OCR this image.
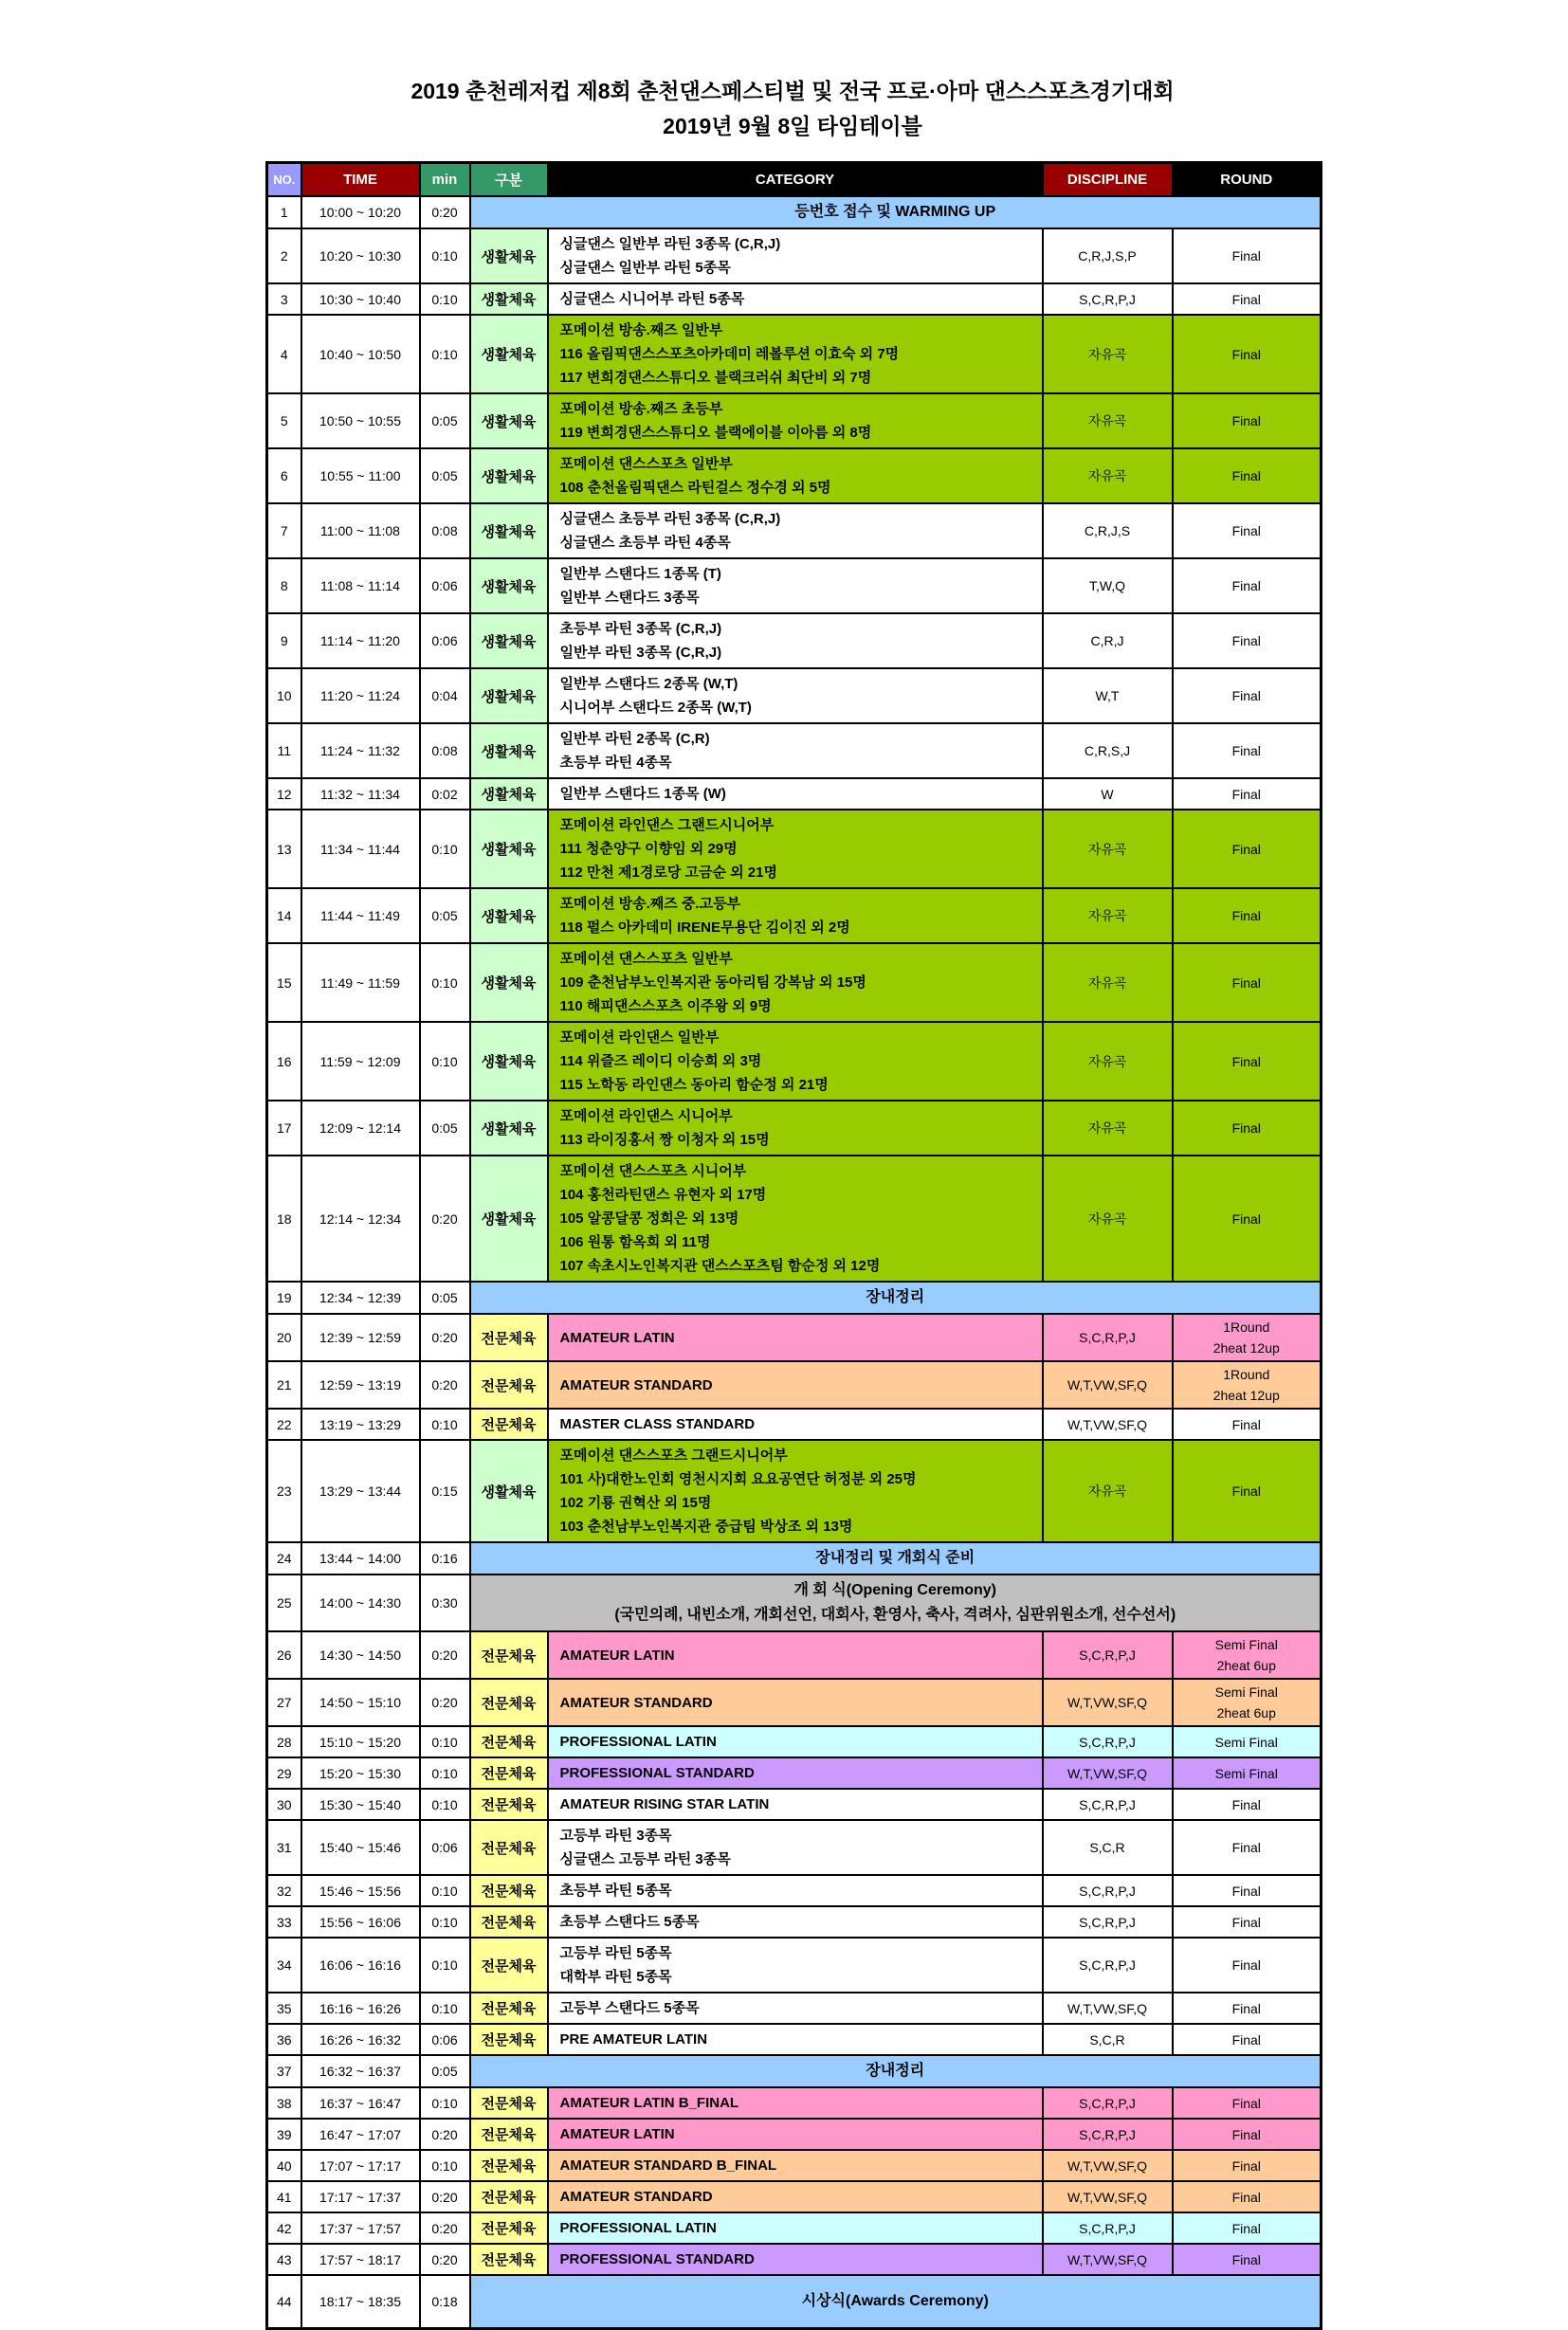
2019 춘천레저컵 제8회 춘천댄스페스티벌 및 전국 프로·아마 댄스스포츠경기대회
2019년 9월 8일 타임테이블
NO.	TIME	min	구분	CATEGORY	DISCIPLINE	ROUND
1	10:00 ~ 10:20	0:20	등번호 접수 및 WARMING UP			

2	10:20 ~ 10:30	0:10	생활체육	싱글댄스 일반부 라틴 3종목 (C,R,J)
싱글댄스 일반부 라틴 5종목	C,R,J,S,P	Final

3	10:30 ~ 10:40	0:10	생활체육	싱글댄스 시니어부 라틴 5종목	S,C,R,P,J	Final

4	10:40 ~ 10:50	0:10	생활체육	포메이션 방송.째즈 일반부
116 올림픽댄스스포츠아카데미 레볼루션 이효숙 외 7명
117 변희경댄스스튜디오 블랙크러쉬 최단비 외 7명	자유곡	Final

5	10:50 ~ 10:55	0:05	생활체육	포메이션 방송.째즈 초등부
119 변희경댄스스튜디오 블랙에이블 이아름 외 8명	자유곡	Final

6	10:55 ~ 11:00	0:05	생활체육	포메이션 댄스스포츠 일반부
108 춘천올림픽댄스 라틴걸스 정수경 외 5명	자유곡	Final

7	11:00 ~ 11:08	0:08	생활체육	싱글댄스 초등부 라틴 3종목 (C,R,J)
싱글댄스 초등부 라틴 4종목	C,R,J,S	Final

8	11:08 ~ 11:14	0:06	생활체육	일반부 스탠다드 1종목 (T)
일반부 스탠다드 3종목	T,W,Q	Final

9	11:14 ~ 11:20	0:06	생활체육	초등부 라틴 3종목 (C,R,J)
일반부 라틴 3종목 (C,R,J)	C,R,J	Final

10	11:20 ~ 11:24	0:04	생활체육	일반부 스탠다드 2종목 (W,T)
시니어부 스탠다드 2종목 (W,T)	W,T	Final

11	11:24 ~ 11:32	0:08	생활체육	일반부 라틴 2종목 (C,R)
초등부 라틴 4종목	C,R,S,J	Final

12	11:32 ~ 11:34	0:02	생활체육	일반부 스탠다드 1종목 (W)	W	Final

13	11:34 ~ 11:44	0:10	생활체육	포메이션 라인댄스 그랜드시니어부
111 청춘양구 이향임 외 29명
112 만천 제1경로당 고금순 외 21명	자유곡	Final

14	11:44 ~ 11:49	0:05	생활체육	포메이션 방송.째즈 중.고등부
118 펄스 아카데미 IRENE무용단 김이진 외 2명	자유곡	Final

15	11:49 ~ 11:59	0:10	생활체육	포메이션 댄스스포츠 일반부
109 춘천남부노인복지관 동아리팀 강복남 외 15명
110 해피댄스스포츠 이주왕 외 9명	자유곡	Final

16	11:59 ~ 12:09	0:10	생활체육	포메이션 라인댄스 일반부
114 위즐즈 레이디 이승희 외 3명
115 노학동 라인댄스 동아리 함순정 외 21명	자유곡	Final

17	12:09 ~ 12:14	0:05	생활체육	포메이션 라인댄스 시니어부
113 라이징홍서 짱 이청자 외 15명	자유곡	Final

18	12:14 ~ 12:34	0:20	생활체육	포메이션 댄스스포츠 시니어부
104 홍천라틴댄스 유현자 외 17명
105 알콩달콩 정희은 외 13명
106 원통 함옥희 외 11명
107 속초시노인복지관 댄스스포츠팀 함순정 외 12명	자유곡	Final

19	12:34 ~ 12:39	0:05	장내정리			

20	12:39 ~ 12:59	0:20	전문체육	AMATEUR LATIN	S,C,R,P,J	1Round
2heat 12up

21	12:59 ~ 13:19	0:20	전문체육	AMATEUR STANDARD	W,T,VW,SF,Q	1Round
2heat 12up

22	13:19 ~ 13:29	0:10	전문체육	MASTER CLASS STANDARD	W,T,VW,SF,Q	Final

23	13:29 ~ 13:44	0:15	생활체육	포메이션 댄스스포츠 그랜드시니어부
101 사)대한노인회 영천시지회 요요공연단 허정분 외 25명
102 기룡 권혁산 외 15명
103 춘천남부노인복지관 중급팀 박상조 외 13명	자유곡	Final

24	13:44 ~ 14:00	0:16	장내정리 및 개회식 준비			

25	14:00 ~ 14:30	0:30	개 회 식(Opening Ceremony)
(국민의례, 내빈소개, 개회선언, 대회사, 환영사, 축사, 격려사, 심판위원소개, 선수선서)			

26	14:30 ~ 14:50	0:20	전문체육	AMATEUR LATIN	S,C,R,P,J	Semi Final
2heat 6up

27	14:50 ~ 15:10	0:20	전문체육	AMATEUR STANDARD	W,T,VW,SF,Q	Semi Final
2heat 6up

28	15:10 ~ 15:20	0:10	전문체육	PROFESSIONAL LATIN	S,C,R,P,J	Semi Final

29	15:20 ~ 15:30	0:10	전문체육	PROFESSIONAL STANDARD	W,T,VW,SF,Q	Semi Final

30	15:30 ~ 15:40	0:10	전문체육	AMATEUR RISING STAR LATIN	S,C,R,P,J	Final

31	15:40 ~ 15:46	0:06	전문체육	고등부 라틴 3종목
싱글댄스 고등부 라틴 3종목	S,C,R	Final

32	15:46 ~ 15:56	0:10	전문체육	초등부 라틴 5종목	S,C,R,P,J	Final

33	15:56 ~ 16:06	0:10	전문체육	초등부 스탠다드 5종목	S,C,R,P,J	Final

34	16:06 ~ 16:16	0:10	전문체육	고등부 라틴 5종목
대학부 라틴 5종목	S,C,R,P,J	Final

35	16:16 ~ 16:26	0:10	전문체육	고등부 스탠다드 5종목	W,T,VW,SF,Q	Final

36	16:26 ~ 16:32	0:06	전문체육	PRE AMATEUR LATIN	S,C,R	Final

37	16:32 ~ 16:37	0:05	장내정리			

38	16:37 ~ 16:47	0:10	전문체육	AMATEUR LATIN B_FINAL	S,C,R,P,J	Final

39	16:47 ~ 17:07	0:20	전문체육	AMATEUR LATIN	S,C,R,P,J	Final

40	17:07 ~ 17:17	0:10	전문체육	AMATEUR STANDARD B_FINAL	W,T,VW,SF,Q	Final

41	17:17 ~ 17:37	0:20	전문체육	AMATEUR STANDARD	W,T,VW,SF,Q	Final

42	17:37 ~ 17:57	0:20	전문체육	PROFESSIONAL LATIN	S,C,R,P,J	Final

43	17:57 ~ 18:17	0:20	전문체육	PROFESSIONAL STANDARD	W,T,VW,SF,Q	Final

44	18:17 ~ 18:35	0:18	시상식(Awards Ceremony)			
